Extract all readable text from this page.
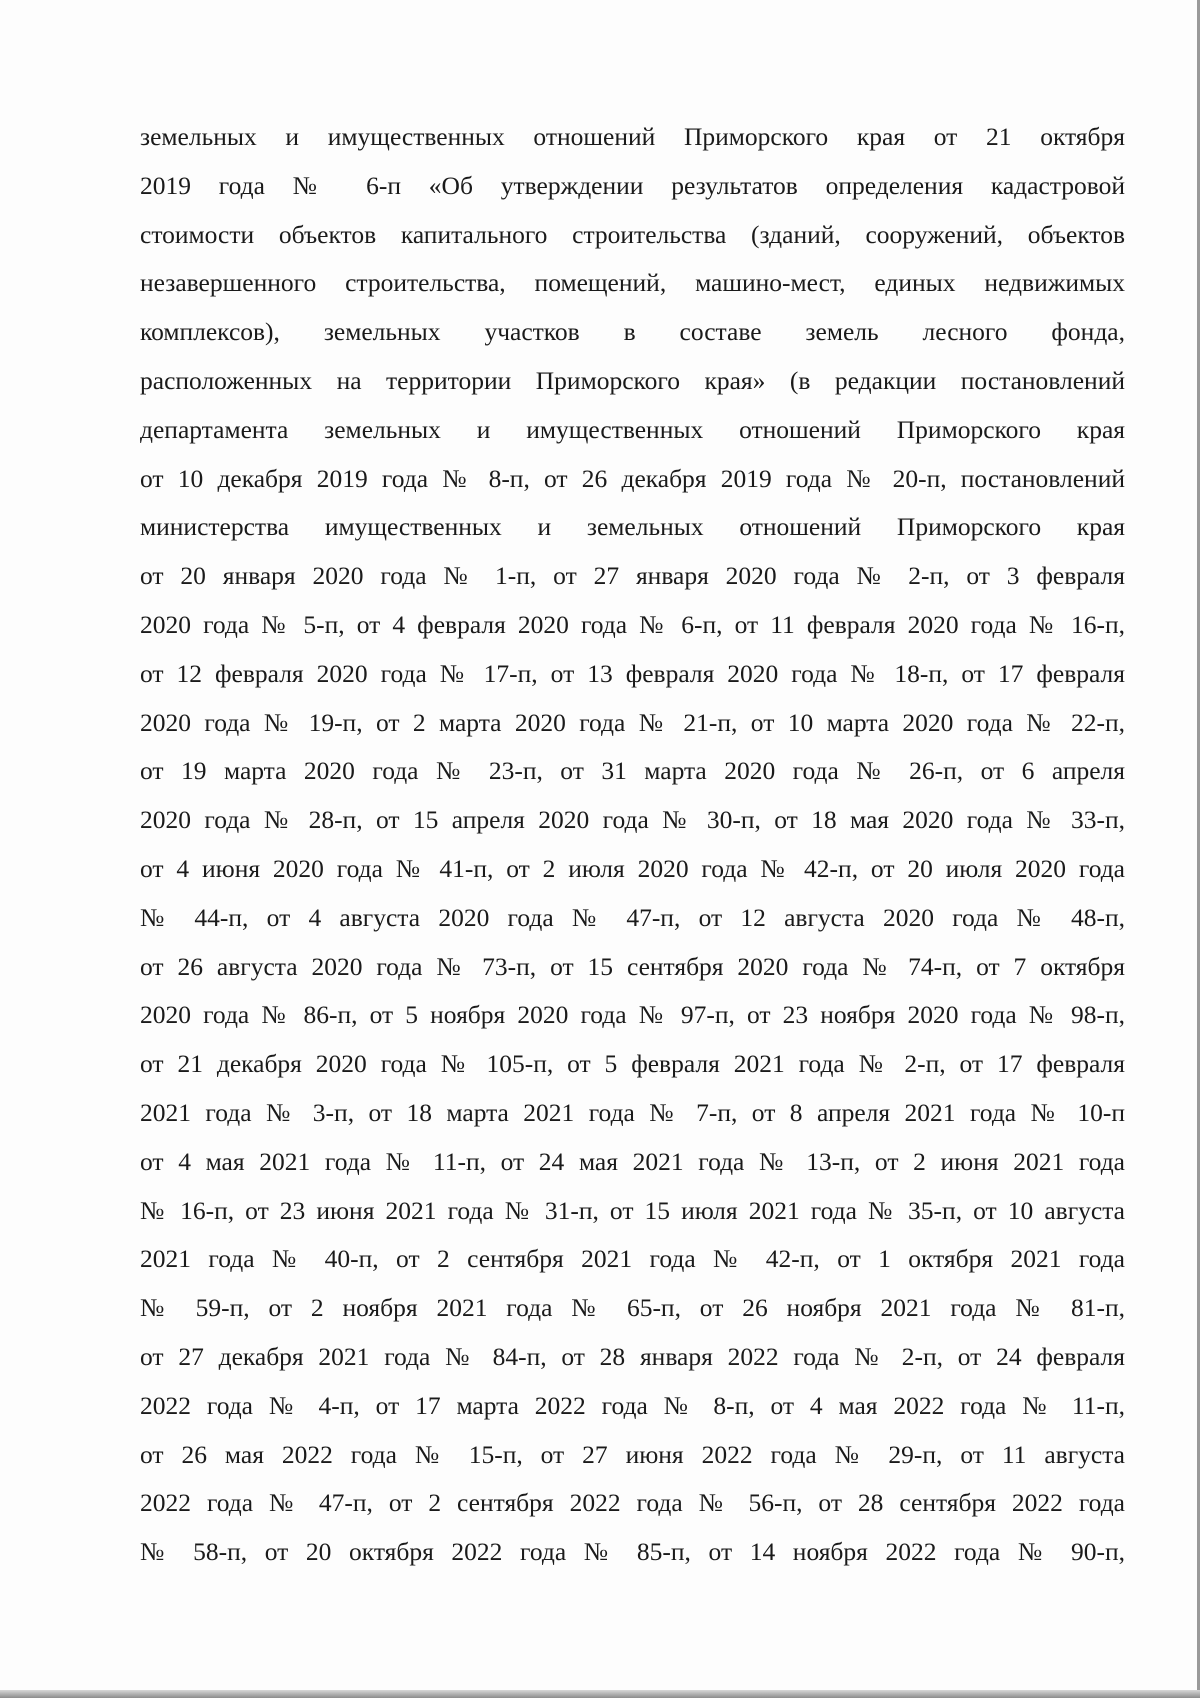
земельных и имущественных отношений Приморского края от 21 октября
2019 года № 6-п «Об утверждении результатов определения кадастровой
стоимости объектов капитального строительства (зданий, сооружений, объектов
незавершенного строительства, помещений, машино-мест, единых недвижимых
комплексов), земельных участков в составе земель лесного фонда,
расположенных на территории Приморского края» (в редакции постановлений
департамента земельных и имущественных отношений Приморского края
от 10 декабря 2019 года № 8-п, от 26 декабря 2019 года № 20-п, постановлений
министерства имущественных и земельных отношений Приморского края
от 20 января 2020 года № 1-п, от 27 января 2020 года № 2-п, от 3 февраля
2020 года № 5-п, от 4 февраля 2020 года № 6-п, от 11 февраля 2020 года № 16-п,
от 12 февраля 2020 года № 17-п, от 13 февраля 2020 года № 18-п, от 17 февраля
2020 года № 19-п, от 2 марта 2020 года № 21-п, от 10 марта 2020 года № 22-п,
от 19 марта 2020 года № 23-п, от 31 марта 2020 года № 26-п, от 6 апреля
2020 года № 28-п, от 15 апреля 2020 года № 30-п, от 18 мая 2020 года № 33-п,
от 4 июня 2020 года № 41-п, от 2 июля 2020 года № 42-п, от 20 июля 2020 года
№ 44-п, от 4 августа 2020 года № 47-п, от 12 августа 2020 года № 48-п,
от 26 августа 2020 года № 73-п, от 15 сентября 2020 года № 74-п, от 7 октября
2020 года № 86-п, от 5 ноября 2020 года № 97-п, от 23 ноября 2020 года № 98-п,
от 21 декабря 2020 года № 105-п, от 5 февраля 2021 года № 2-п, от 17 февраля
2021 года № 3-п, от 18 марта 2021 года № 7-п, от 8 апреля 2021 года № 10-п
от 4 мая 2021 года № 11-п, от 24 мая 2021 года № 13-п, от 2 июня 2021 года
№ 16-п, от 23 июня 2021 года № 31-п, от 15 июля 2021 года № 35-п, от 10 августа
2021 года № 40-п, от 2 сентября 2021 года № 42-п, от 1 октября 2021 года
№ 59-п, от 2 ноября 2021 года № 65-п, от 26 ноября 2021 года № 81-п,
от 27 декабря 2021 года № 84-п, от 28 января 2022 года № 2-п, от 24 февраля
2022 года № 4-п, от 17 марта 2022 года № 8-п, от 4 мая 2022 года № 11-п,
от 26 мая 2022 года № 15-п, от 27 июня 2022 года № 29-п, от 11 августа
2022 года № 47-п, от 2 сентября 2022 года № 56-п, от 28 сентября 2022 года
№ 58-п, от 20 октября 2022 года № 85-п, от 14 ноября 2022 года № 90-п,
